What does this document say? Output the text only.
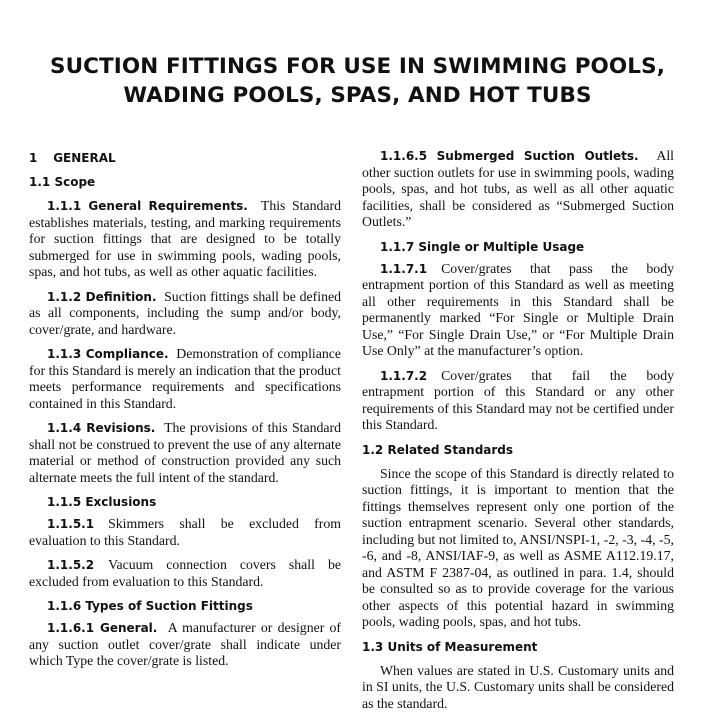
SUCTION FITTINGS FOR USE IN SWIMMING POOLS, WADING POOLS, SPAS, AND HOT TUBS
1 GENERAL
1.1 Scope

1.1.1 General Requirements. This Standard establishes materials, testing, and marking requirements for suction fittings that are designed to be totally submerged for use in swimming pools, wading pools, spas, and hot tubs, as well as other aquatic facilities.

1.1.2 Definition. Suction fittings shall be defined as all components, including the sump and/or body, cover/grate, and hardware.

1.1.3 Compliance. Demonstration of compliance for this Standard is merely an indication that the product meets performance requirements and specifications contained in this Standard.

1.1.4 Revisions. The provisions of this Standard shall not be construed to prevent the use of any alternate material or method of construction provided any such alternate meets the full intent of the standard.

1.1.5 Exclusions

1.1.5.1 Skimmers shall be excluded from evaluation to this Standard.

1.1.5.2 Vacuum connection covers shall be excluded from evaluation to this Standard.

1.1.6 Types of Suction Fittings

1.1.6.1 General. A manufacturer or designer of any suction outlet cover/grate shall indicate under which Type the cover/grate is listed.

1.1.6.5 Submerged Suction Outlets. All other suction outlets for use in swimming pools, wading pools, spas, and hot tubs, as well as all other aquatic facilities, shall be considered as “Submerged Suction Outlets.”

1.1.7 Single or Multiple Usage

1.1.7.1 Cover/grates that pass the body entrapment portion of this Standard as well as meeting all other requirements in this Standard shall be permanently marked “For Single or Multiple Drain Use,” “For Single Drain Use,” or “For Multiple Drain Use Only” at the manufacturer’s option.

1.1.7.2 Cover/grates that fail the body entrapment portion of this Standard or any other requirements of this Standard may not be certified under this Standard.

1.2 Related Standards

Since the scope of this Standard is directly related to suction fittings, it is important to mention that the fittings themselves represent only one portion of the suction entrapment scenario. Several other standards, including but not limited to, ANSI/NSPI-1, -2, -3, -4, -5, -6, and -8, ANSI/IAF-9, as well as ASME A112.19.17, and ASTM F 2387-04, as outlined in para. 1.4, should be consulted so as to provide coverage for the various other aspects of this potential hazard in swimming pools, wading pools, spas, and hot tubs.

1.3 Units of Measurement

When values are stated in U.S. Customary units and in SI units, the U.S. Customary units shall be considered as the standard.
